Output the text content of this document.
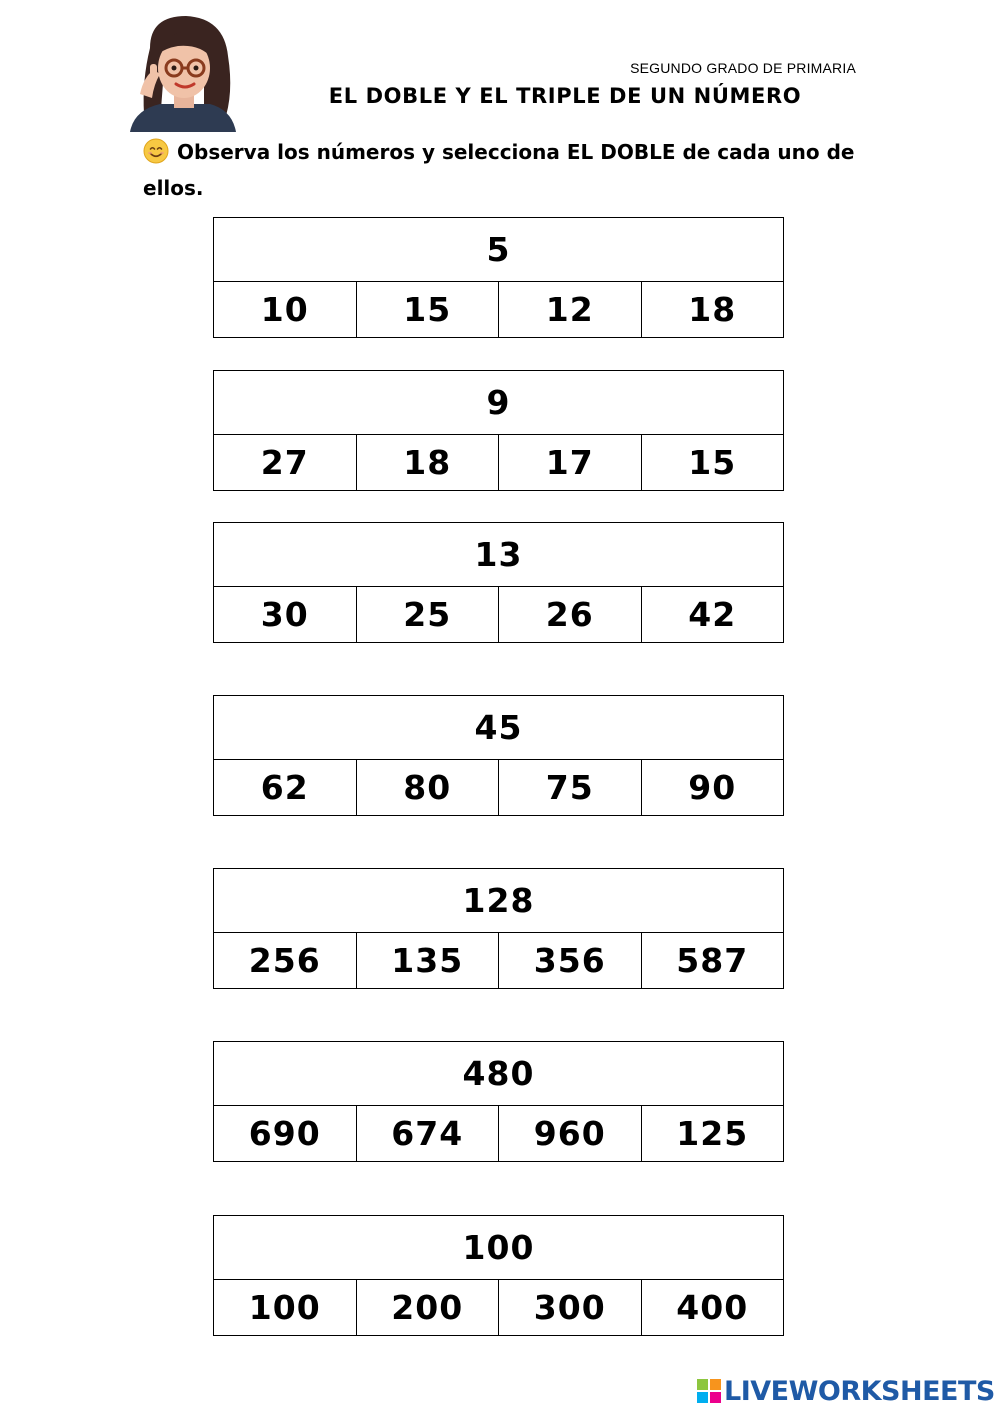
SEGUNDO GRADO DE PRIMARIA
EL DOBLE Y EL TRIPLE DE UN NÚMERO
Observa los números y selecciona EL DOBLE de cada uno de ellos.
5
10	15	12	18
9
27	18	17	15
13
30	25	26	42
45
62	80	75	90
128
256	135	356	587
480
690	674	960	125
100
100	200	300	400
LIVEWORKSHEETS
